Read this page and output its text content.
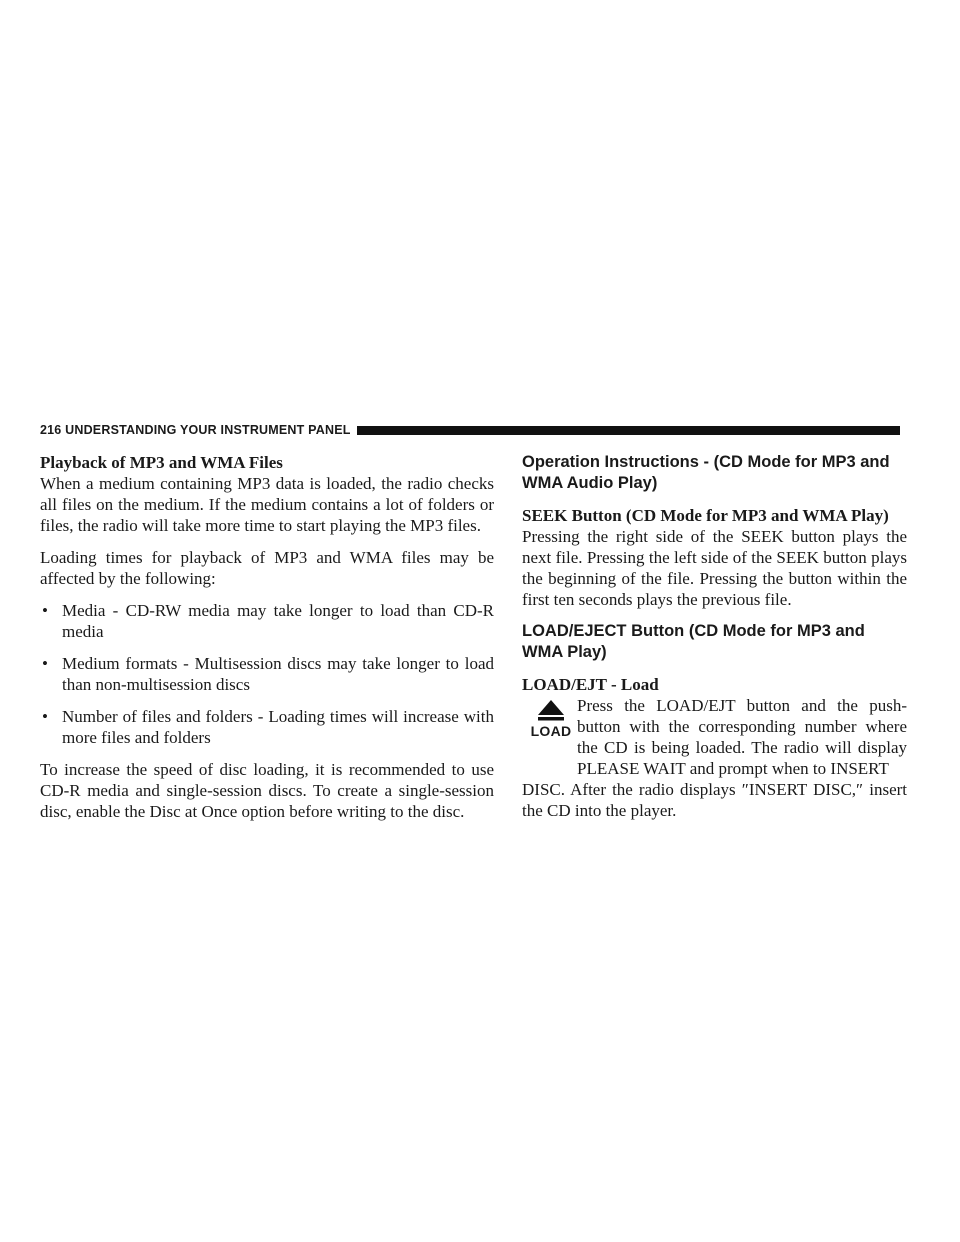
216 UNDERSTANDING YOUR INSTRUMENT PANEL
Playback of MP3 and WMA Files

When a medium containing MP3 data is loaded, the radio checks all files on the medium. If the medium contains a lot of folders or files, the radio will take more time to start playing the MP3 files.

Loading times for playback of MP3 and WMA files may be affected by the following:

• Media - CD-RW media may take longer to load than CD-R media
• Medium formats - Multisession discs may take longer to load than non-multisession discs
• Number of files and folders - Loading times will increase with more files and folders

To increase the speed of disc loading, it is recommended to use CD-R media and single-session discs. To create a single-session disc, enable the Disc at Once option before writing to the disc.

Operation Instructions - (CD Mode for MP3 and WMA Audio Play)
SEEK Button (CD Mode for MP3 and WMA Play)

Pressing the right side of the SEEK button plays the next file. Pressing the left side of the SEEK button plays the beginning of the file. Pressing the button within the first ten seconds plays the previous file.

LOAD/EJECT Button (CD Mode for MP3 and WMA Play)
LOAD/EJT - Load
LOAD

Press the LOAD/EJT button and the push-button with the corresponding number where the CD is being loaded. The radio will display PLEASE WAIT and prompt when to INSERT

DISC. After the radio displays ″INSERT DISC,″ insert the CD into the player.
